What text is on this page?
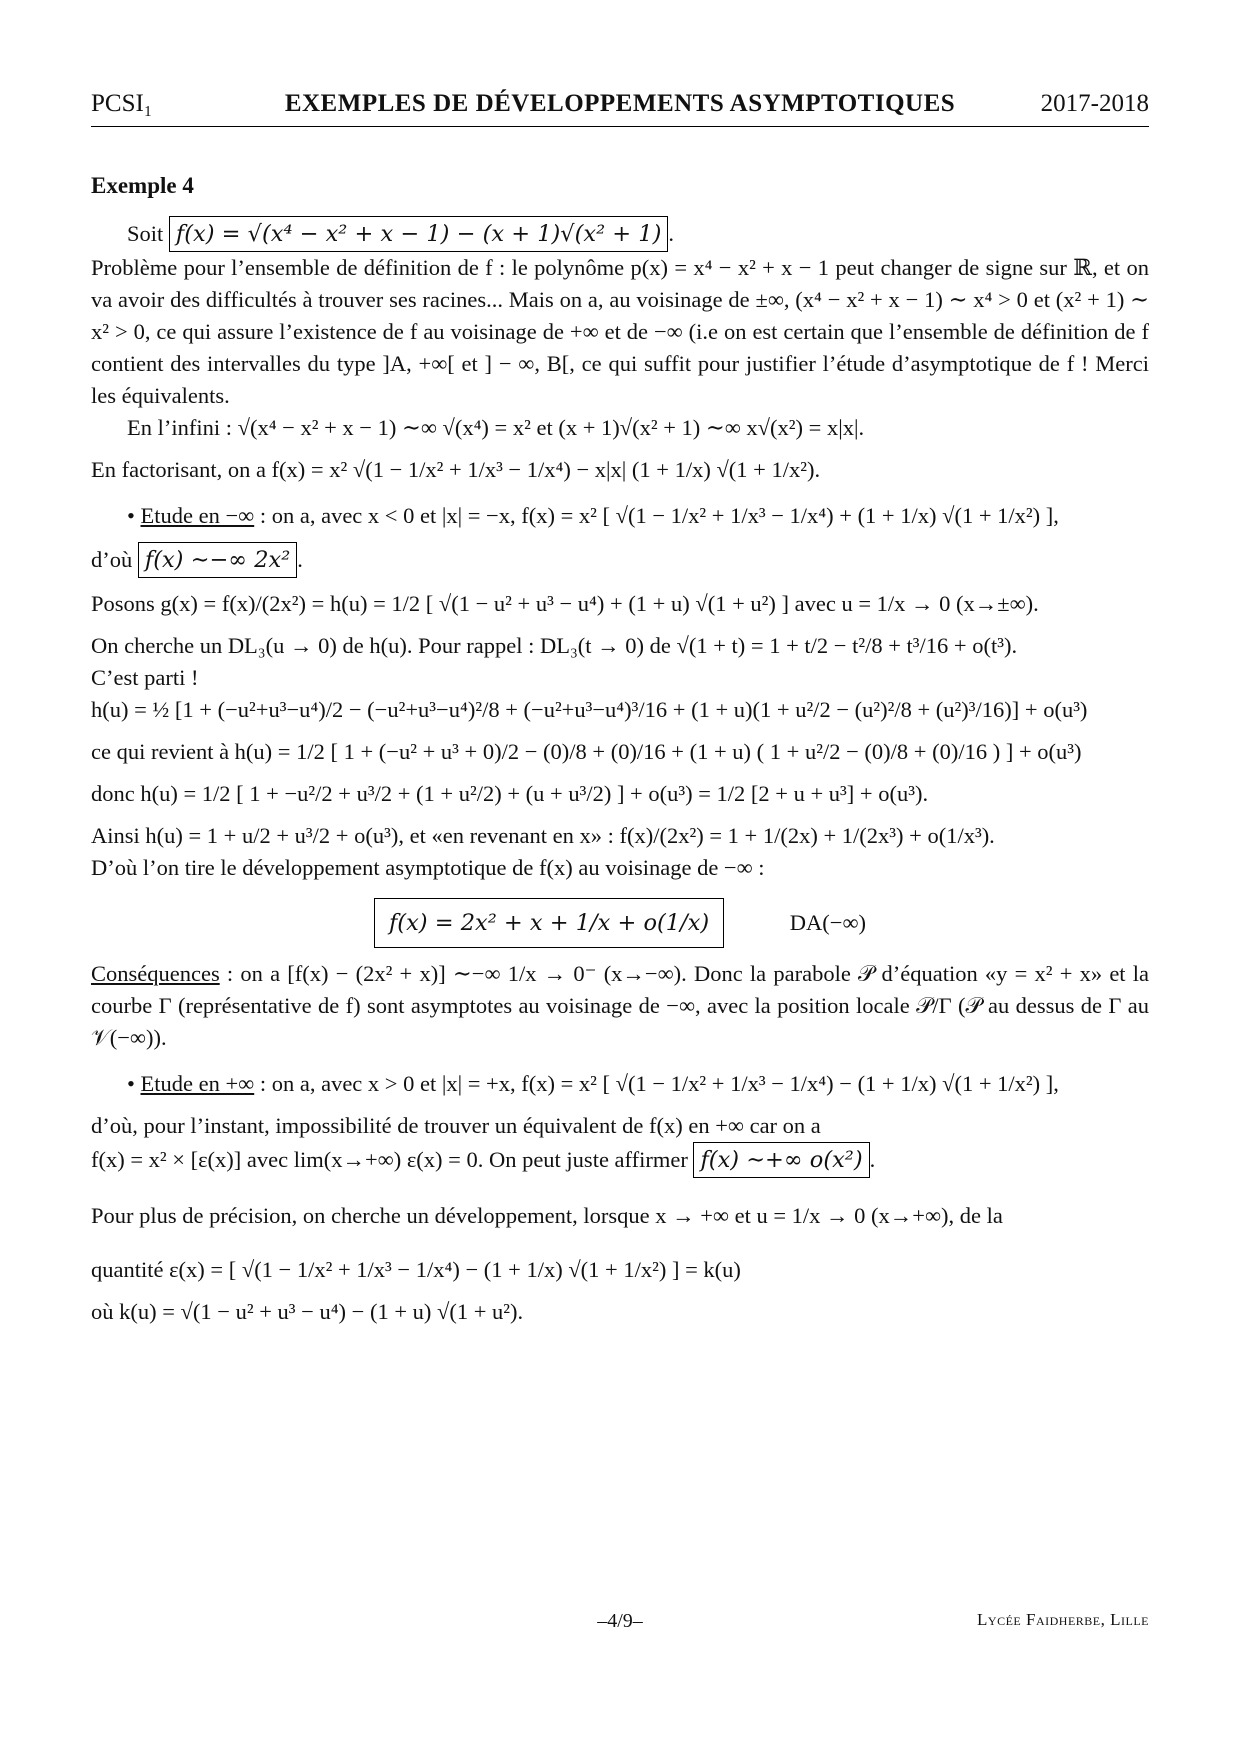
PCSI₁	EXEMPLES DE DÉVELOPPEMENTS ASYMPTOTIQUES	2017-2018
Exemple 4
Soit f(x) = √(x⁴ − x² + x − 1) − (x + 1)√(x² + 1) .
Problème pour l’ensemble de définition de f : le polynôme p(x) = x⁴ − x² + x − 1 peut changer de signe sur ℝ, et on va avoir des difficultés à trouver ses racines... Mais on a, au voisinage de ±∞, (x⁴ − x² + x − 1) ∼ x⁴ > 0 et (x² + 1) ∼ x² > 0, ce qui assure l’existence de f au voisinage de +∞ et de −∞ (i.e on est certain que l’ensemble de définition de f contient des intervalles du type ]A, +∞[ et ] − ∞, B[, ce qui suffit pour justifier l’étude d’asymptotique de f ! Merci les équivalents.
En l’infini : √(x⁴ − x² + x − 1) ∼∞ √(x⁴) = x² et (x + 1)√(x² + 1) ∼∞ x√(x²) = x|x|.
En factorisant, on a f(x) = x² √(1 − 1/x² + 1/x³ − 1/x⁴) − x|x| (1 + 1/x) √(1 + 1/x²).
• Etude en −∞ : on a, avec x < 0 et |x| = −x, f(x) = x² [ √(1 − 1/x² + 1/x³ − 1/x⁴) + (1 + 1/x) √(1 + 1/x²) ],
d’où f(x) ∼−∞ 2x² .
Posons g(x) = f(x)/(2x²) = h(u) = 1/2 [ √(1 − u² + u³ − u⁴) + (1 + u) √(1 + u²) ] avec u = 1/x → 0 (x→±∞).
On cherche un DL₃(u → 0) de h(u). Pour rappel : DL₃(t → 0) de √(1 + t) = 1 + t/2 − t²/8 + t³/16 + o(t³).
C’est parti !
h(u) = ½ [1 + (−u²+u³−u⁴)/2 − (−u²+u³−u⁴)²/8 + (−u²+u³−u⁴)³/16 + (1 + u)(1 + u²/2 − (u²)²/8 + (u²)³/16)] + o(u³)
ce qui revient à h(u) = 1/2 [ 1 + (−u² + u³ + 0)/2 − (0)/8 + (0)/16 + (1 + u) ( 1 + u²/2 − (0)/8 + (0)/16 ) ] + o(u³)
donc h(u) = 1/2 [ 1 + −u²/2 + u³/2 + (1 + u²/2) + (u + u³/2) ] + o(u³) = 1/2 [2 + u + u³] + o(u³).
Ainsi h(u) = 1 + u/2 + u³/2 + o(u³), et «en revenant en x» : f(x)/(2x²) = 1 + 1/(2x) + 1/(2x³) + o(1/x³).
D’où l’on tire le développement asymptotique de f(x) au voisinage de −∞ :
f(x) = 2x² + x + 1/x + o(1/x)	DA(−∞)
Conséquences : on a [f(x) − (2x² + x)] ∼−∞ 1/x → 0⁻ (x→−∞). Donc la parabole 𝒫 d’équation «y = x² + x» et la courbe Γ (représentative de f) sont asymptotes au voisinage de −∞, avec la position locale 𝒫/Γ (𝒫 au dessus de Γ au 𝒱(−∞)).
• Etude en +∞ : on a, avec x > 0 et |x| = +x, f(x) = x² [ √(1 − 1/x² + 1/x³ − 1/x⁴) − (1 + 1/x) √(1 + 1/x²) ],
d’où, pour l’instant, impossibilité de trouver un équivalent de f(x) en +∞ car on a
f(x) = x² × [ε(x)] avec lim(x→+∞) ε(x) = 0. On peut juste affirmer f(x) ∼+∞ o(x²) .
Pour plus de précision, on cherche un développement, lorsque x → +∞ et u = 1/x → 0 (x→+∞), de la
quantité ε(x) = [ √(1 − 1/x² + 1/x³ − 1/x⁴) − (1 + 1/x) √(1 + 1/x²) ] = k(u)
où k(u) = √(1 − u² + u³ − u⁴) − (1 + u) √(1 + u²).
–4/9–	Lycée Faidherbe, Lille
